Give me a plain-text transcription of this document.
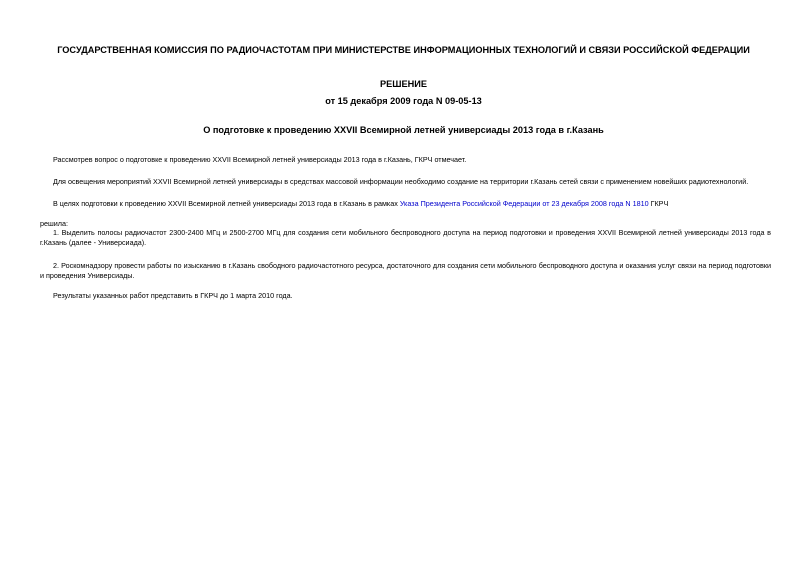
ГОСУДАРСТВЕННАЯ КОМИССИЯ ПО РАДИОЧАСТОТАМ ПРИ МИНИСТЕРСТВЕ ИНФОРМАЦИОННЫХ ТЕХНОЛОГИЙ И СВЯЗИ РОССИЙСКОЙ ФЕДЕРАЦИИ
РЕШЕНИЕ
от 15 декабря 2009 года N 09-05-13
О подготовке к проведению XXVII Всемирной летней универсиады 2013 года в г.Казань
Рассмотрев вопрос о подготовке к проведению XXVII Всемирной летней универсиады 2013 года в г.Казань, ГКРЧ отмечает.
Для освещения мероприятий XXVII Всемирной летней универсиады в средствах массовой информации необходимо создание на территории г.Казань сетей связи с применением новейших радиотехнологий.
В целях подготовки к проведению XXVII Всемирной летней универсиады 2013 года в г.Казань в рамках Указа Президента Российской Федерации от 23 декабря 2008 года N 1810 ГКРЧ
решила:
1. Выделить полосы радиочастот 2300-2400 МГц и 2500-2700 МГц для создания сети мобильного беспроводного доступа на период подготовки и проведения XXVII Всемирной летней универсиады 2013 года в г.Казань (далее - Универсиада).
2. Роскомнадзору провести работы по изысканию в г.Казань свободного радиочастотного ресурса, достаточного для создания сети мобильного беспроводного доступа и оказания услуг связи на период подготовки и проведения Универсиады.
Результаты указанных работ представить в ГКРЧ до 1 марта 2010 года.
